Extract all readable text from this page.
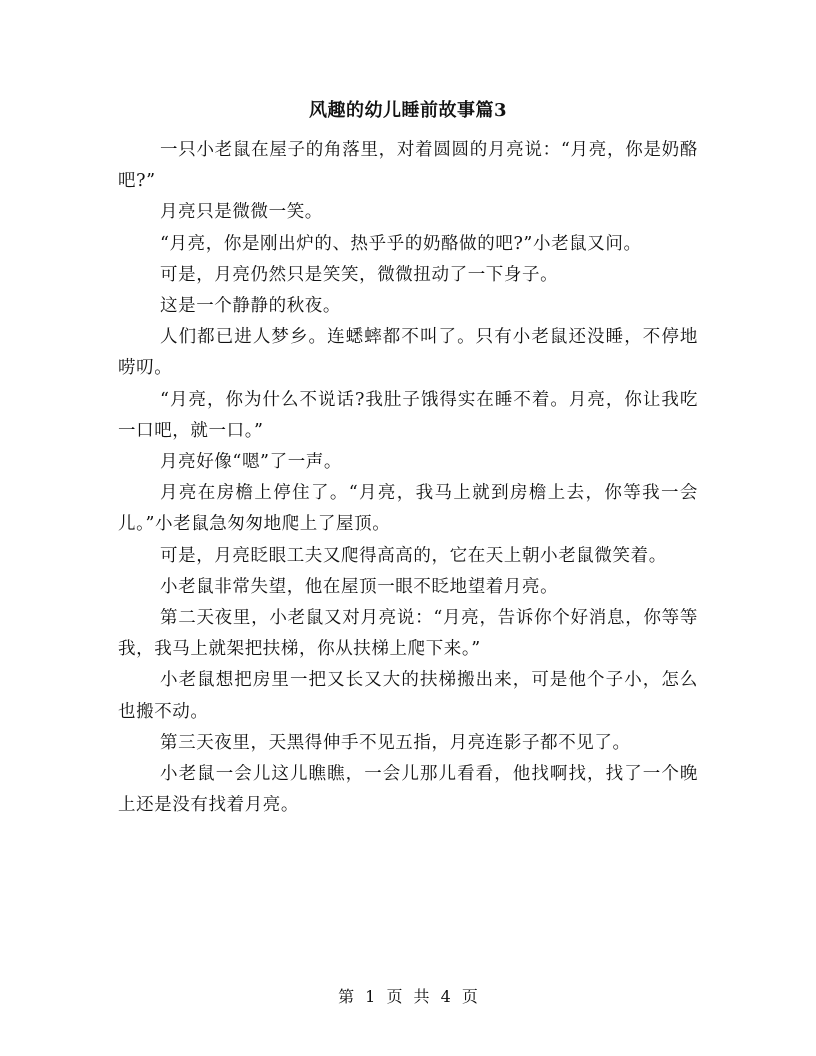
风趣的幼儿睡前故事篇3

一只小老鼠在屋子的角落里，对着圆圆的月亮说：“月亮，你是奶酪吧?”

月亮只是微微一笑。

“月亮，你是刚出炉的、热乎乎的奶酪做的吧?”小老鼠又问。

可是，月亮仍然只是笑笑，微微扭动了一下身子。

这是一个静静的秋夜。

人们都已进人梦乡。连蟋蟀都不叫了。只有小老鼠还没睡，不停地唠叨。

“月亮，你为什么不说话?我肚子饿得实在睡不着。月亮，你让我吃一口吧，就一口。”

月亮好像“嗯”了一声。

月亮在房檐上停住了。“月亮，我马上就到房檐上去，你等我一会儿。”小老鼠急匆匆地爬上了屋顶。

可是，月亮眨眼工夫又爬得高高的，它在天上朝小老鼠微笑着。

小老鼠非常失望，他在屋顶一眼不眨地望着月亮。

第二天夜里，小老鼠又对月亮说：“月亮，告诉你个好消息，你等等我，我马上就架把扶梯，你从扶梯上爬下来。”

小老鼠想把房里一把又长又大的扶梯搬出来，可是他个子小，怎么也搬不动。

第三天夜里，天黑得伸手不见五指，月亮连影子都不见了。

小老鼠一会儿这儿瞧瞧，一会儿那儿看看，他找啊找，找了一个晚上还是没有找着月亮。

第 1 页 共 4 页
